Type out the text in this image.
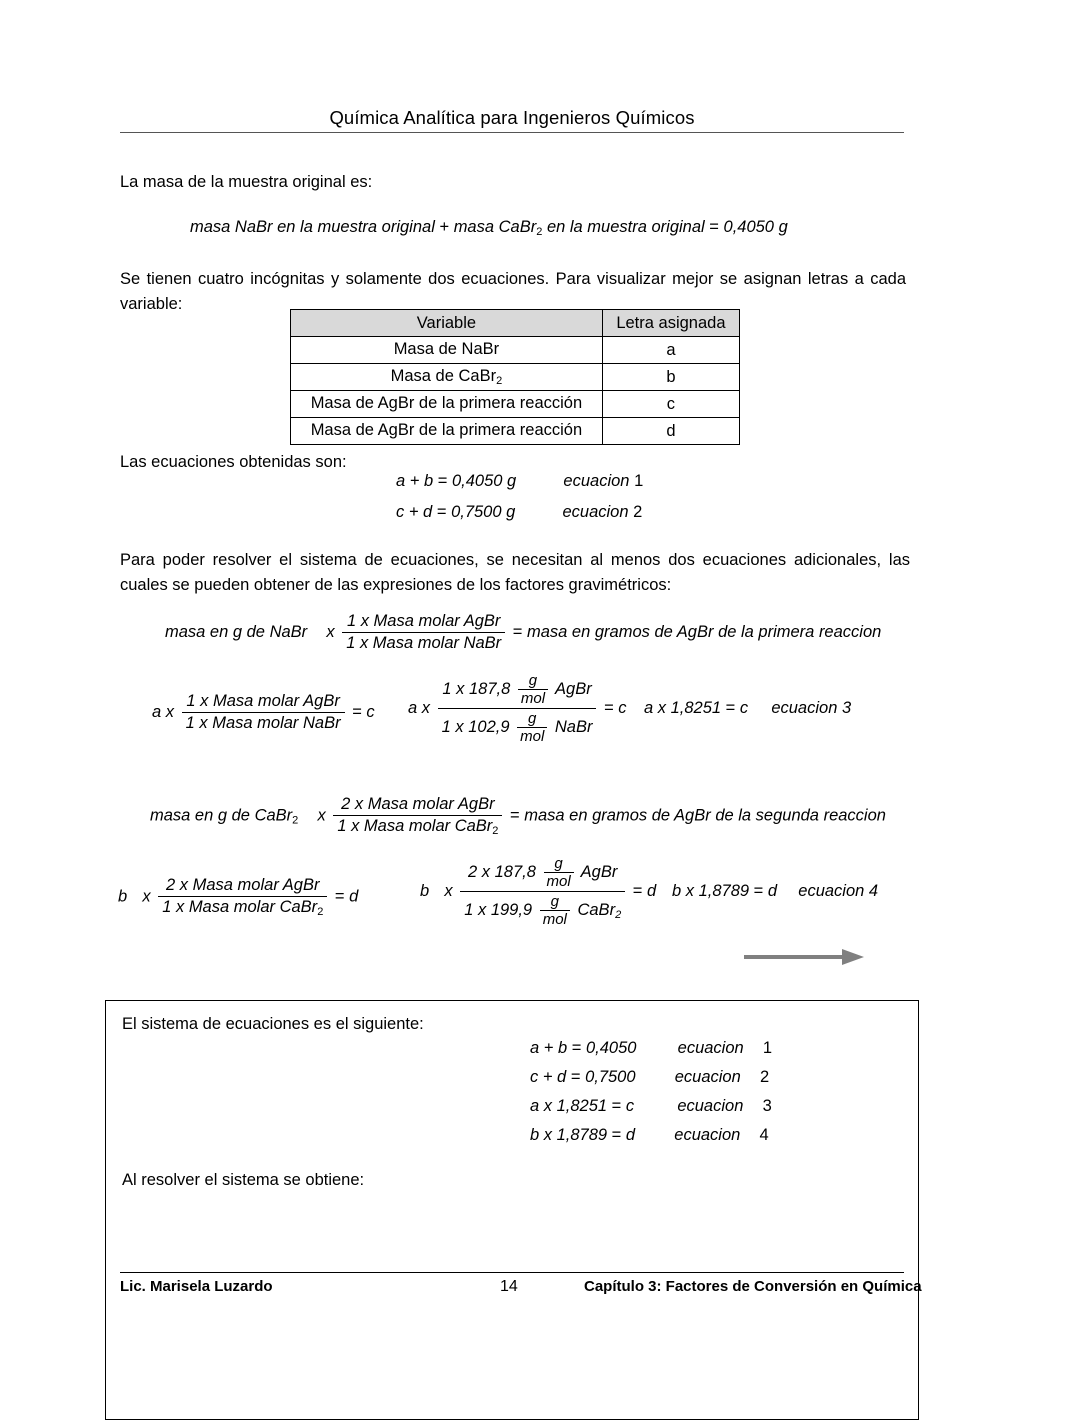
Química Analítica para Ingenieros Químicos
La masa de la muestra original es:
masa NaBr en la muestra original + masa CaBr$_2$ en la muestra original = 0,4050 g
Se tienen cuatro incógnitas y solamente dos ecuaciones. Para visualizar mejor se asignan letras a cada variable:
Variable	Letra asignada
Masa de NaBr	a
Masa de CaBr$_2$	b
Masa de AgBr de la primera reacción	c
Masa de AgBr de la primera reacción	d
Las ecuaciones obtenidas son:
a + b = 0,4050 g	ecuacion 1
c + d = 0,7500 g	ecuacion 2
Para poder resolver el sistema de ecuaciones, se necesitan al menos dos ecuaciones adicionales, las cuales se pueden obtener de las expresiones de los factores gravimétricos:
masa en g de NaBr x $\frac{\text{1 x Masa molar AgBr}}{\text{1 x Masa molar NaBr}}$ = masa en gramos de AgBr de la primera reaccion
a x $\frac{\text{1 x Masa molar AgBr}}{\text{1 x Masa molar NaBr}} = c$ a x $\frac{1 x 187,8 \frac{g}{\text{mol}} AgBr}{1 x 102,9 \frac{g}{\text{mol}} NaBr} = c$ a x 1,8251 = c ecuacion 3
masa en g de CaBr$_2$ x $\frac{\text{2 x Masa molar AgBr}}{1 x Masa molar CaBr_2}$ = masa en gramos de AgBr de la segunda reaccion
b x $\frac{\text{2 x Masa molar AgBr}}{1 x Masa molar CaBr_2} = d$	b x $\frac{2 x 187,8 \frac{g}{\text{mol}} AgBr}{1 x 199,9 \frac{g}{\text{mol}} CaBr2} = d$ b x 1,8789 = d ecuacion 4
El sistema de ecuaciones es el siguiente:
a + b = 0,4050 ecuacion 1
c + d = 0,7500 ecuacion 2
a x 1,8251 = c	ecuacion 3
b x 1,8789 = d ecuacion 4
Al resolver el sistema se obtiene:
Lic. Marisela Luzardo	14	Capítulo 3: Factores de Conversión en Química
